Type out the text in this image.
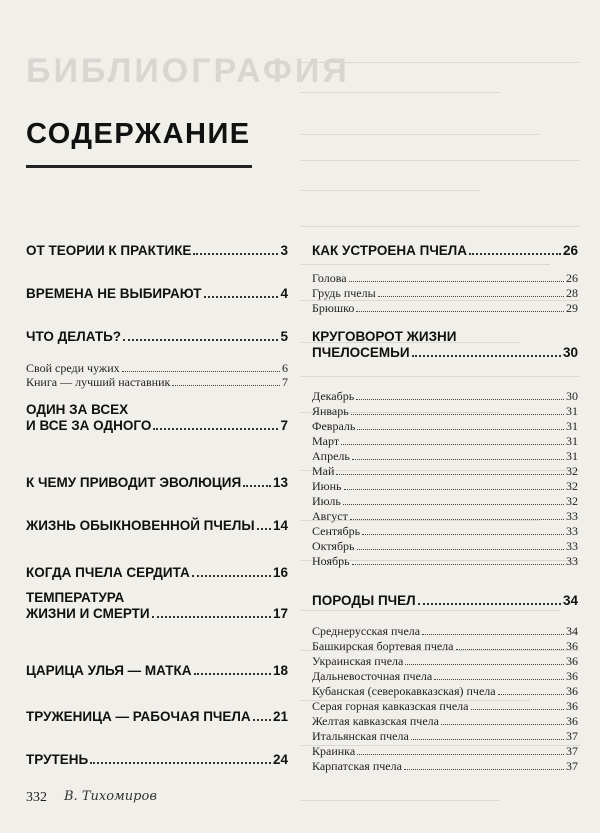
БИБЛИОГРАФИЯ
СОДЕРЖАНИЕ
ОТ ТЕОРИИ К ПРАКТИКЕ	3
ВРЕМЕНА НЕ ВЫБИРАЮТ	4
ЧТО ДЕЛАТЬ?	5
Свой среди чужих	6
Книга — лучший наставник	7
ОДИН ЗА ВСЕХ
И ВСЕ ЗА ОДНОГО	7
К ЧЕМУ ПРИВОДИТ ЭВОЛЮЦИЯ 13
ЖИЗНЬ ОБЫКНОВЕННОЙ ПЧЕЛЫ 14
КОГДА ПЧЕЛА СЕРДИТА	16
ТЕМПЕРАТУРА
ЖИЗНИ И СМЕРТИ	17
ЦАРИЦА УЛЬЯ — МАТКА	18
ТРУЖЕНИЦА — РАБОЧАЯ ПЧЕЛА 21
ТРУТЕНЬ	24
КАК УСТРОЕНА ПЧЕЛА	26
Голова	26
Грудь пчелы	28
Брюшко	29
КРУГОВОРОТ ЖИЗНИ
ПЧЕЛОСЕМЬИ	30
Декабрь	30
Январь	31
Февраль	31
Март	31
Апрель	31
Май	32
Июнь	32
Июль	32
Август	33
Сентябрь	33
Октябрь	33
Ноябрь	33
ПОРОДЫ ПЧЕЛ	34
Среднерусская пчела	34
Башкирская бортевая пчела	36
Украинская пчела	36
Дальневосточная пчела	36
Кубанская (северокавказская) пчела	36
Серая горная кавказская пчела	36
Желтая кавказская пчела	36
Итальянская пчела	37
Краинка	37
Карпатская пчела	37
332 В. Тихомиров
